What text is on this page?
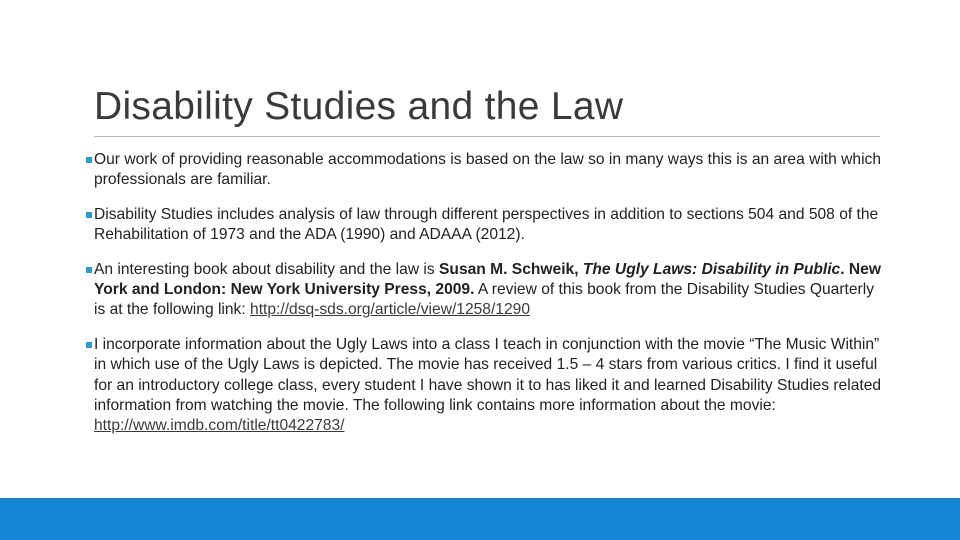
Disability Studies and the Law
Our work of providing reasonable accommodations is based on the law so in many ways this is an area with which professionals are familiar.
Disability Studies includes analysis of law through different perspectives in addition to sections 504 and 508 of the Rehabilitation of 1973 and the ADA (1990) and ADAAA (2012).
An interesting book about disability and the law is Susan M. Schweik, The Ugly Laws: Disability in Public. New York and London: New York University Press, 2009. A review of this book from the Disability Studies Quarterly is at the following link: http://dsq-sds.org/article/view/1258/1290
I incorporate information about the Ugly Laws into a class I teach in conjunction with the movie “The Music Within” in which use of the Ugly Laws is depicted. The movie has received 1.5 – 4 stars from various critics. I find it useful for an introductory college class, every student I have shown it to has liked it and learned Disability Studies related information from watching the movie. The following link contains more information about the movie: http://www.imdb.com/title/tt0422783/
